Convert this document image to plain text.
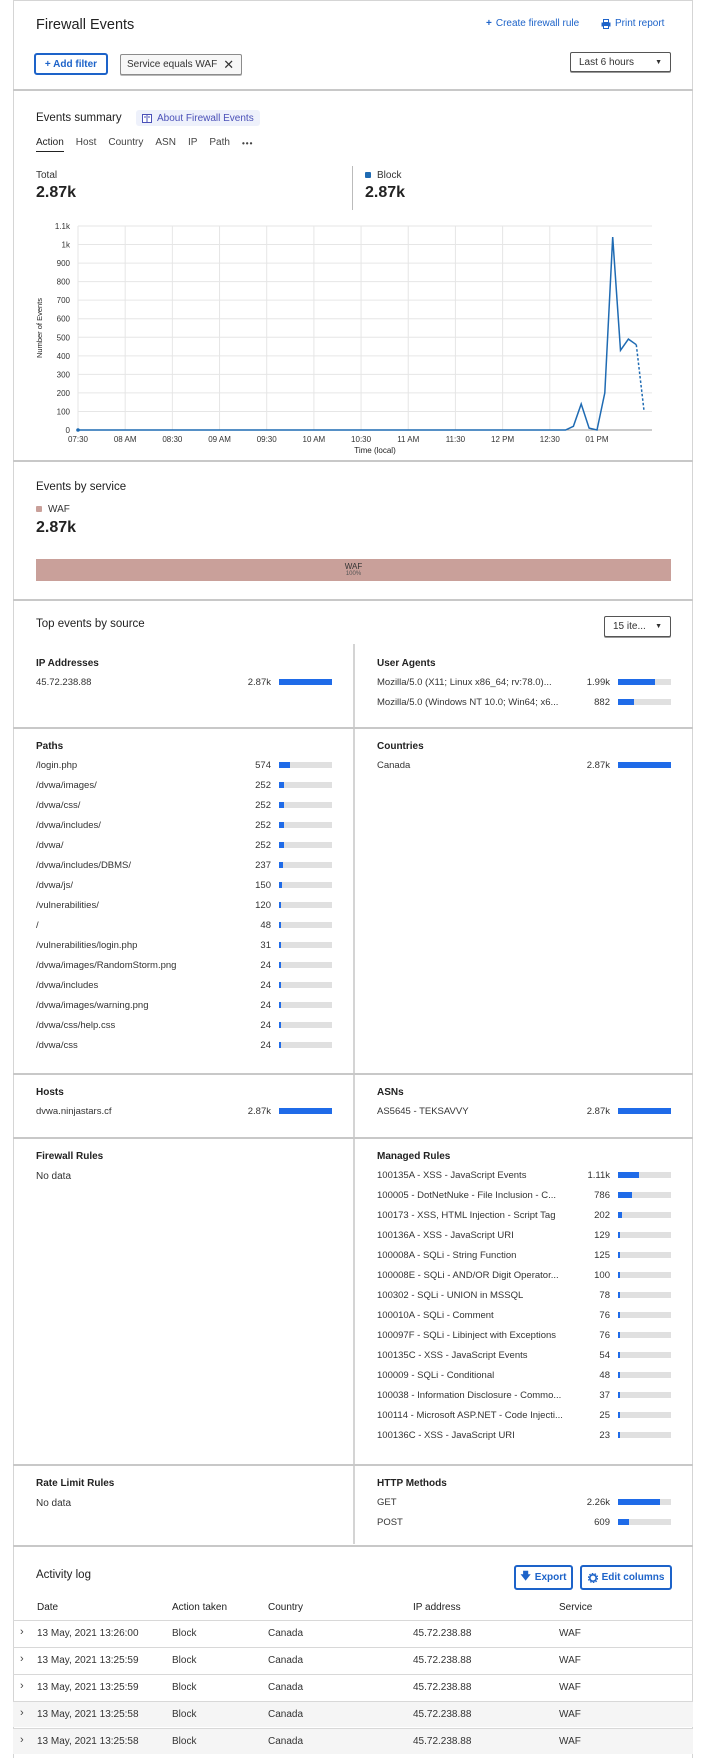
Firewall Events	+ Create firewall rule	Print report
+ Add filter	Service equals WAF ✕	Last 6 hours	▼
Events summary	About Firewall Events
Action Host Country ASN IP Path •••
Total
2.87k
Block
2.87k
0
100
200
300
400
500
600
700
800
900
1k
1.1k
07:30	08 AM	08:30	09 AM	09:30	10 AM	10:30	11 AM	11:30	12 PM	12:30	01 PM
Number of Events
Time (local)
Events by service
WAF
2.87k
WAF
100%
Top events by source	15 ite... ▼
IP Addresses
45.72.238.88	2.87k
User Agents
Mozilla/5.0 (X11; Linux x86_64; rv:78.0)...	1.99k
Mozilla/5.0 (Windows NT 10.0; Win64; x6...	882
Paths
/login.php	574
/dvwa/images/	252
/dvwa/css/	252
/dvwa/includes/	252
/dvwa/	252
/dvwa/includes/DBMS/	237
/dvwa/js/	150
/vulnerabilities/	120
/	48
/vulnerabilities/login.php	31
/dvwa/images/RandomStorm.png	24
/dvwa/includes	24
/dvwa/images/warning.png	24
/dvwa/css/help.css	24
/dvwa/css	24
Countries
Canada	2.87k
Hosts
dvwa.ninjastars.cf	2.87k
ASNs
AS5645 - TEKSAVVY	2.87k
Firewall Rules
No data
Managed Rules
100135A - XSS - JavaScript Events	1.11k
100005 - DotNetNuke - File Inclusion - C...	786
100173 - XSS, HTML Injection - Script Tag	202
100136A - XSS - JavaScript URI	129
100008A - SQLi - String Function	125
100008E - SQLi - AND/OR Digit Operator...	100
100302 - SQLi - UNION in MSSQL	78
100010A - SQLi - Comment	76
100097F - SQLi - Libinject with Exceptions	76
100135C - XSS - JavaScript Events	54
100009 - SQLi - Conditional	48
100038 - Information Disclosure - Commo...	37
100114 - Microsoft ASP.NET - Code Injecti...	25
100136C - XSS - JavaScript URI	23
Rate Limit Rules
No data
HTTP Methods
GET	2.26k
POST	609
Activity log	🡇 Export	Edit columns
Date	Action taken	Country	IP address	Service
› 13 May, 2021 13:26:00	Block	Canada	45.72.238.88	WAF
› 13 May, 2021 13:25:59	Block	Canada	45.72.238.88	WAF
› 13 May, 2021 13:25:59	Block	Canada	45.72.238.88	WAF
› 13 May, 2021 13:25:58	Block	Canada	45.72.238.88	WAF
› 13 May, 2021 13:25:58	Block	Canada	45.72.238.88	WAF
